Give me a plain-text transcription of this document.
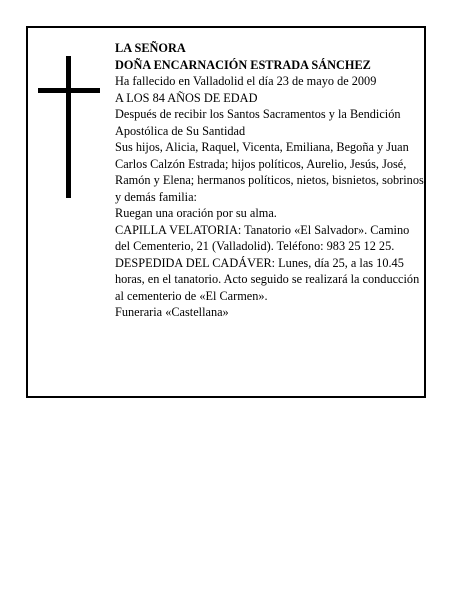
LA SEÑORA

DOÑA ENCARNACIÓN ESTRADA SÁNCHEZ

Ha fallecido en Valladolid el día 23 de mayo de 2009

A LOS 84 AÑOS DE EDAD

Después de recibir los Santos Sacramentos y la Bendición Apostólica de Su Santidad

Sus hijos, Alicia, Raquel, Vicenta, Emiliana, Begoña y Juan Carlos Calzón Estrada; hijos políticos, Aurelio, Jesús, José, Ramón y Elena; hermanos políticos, nietos, bisnietos, sobrinos y demás familia:

Ruegan una oración por su alma.

CAPILLA VELATORIA: Tanatorio «El Salvador». Camino del Cementerio, 21 (Valladolid). Teléfono: 983 25 12 25.

DESPEDIDA DEL CADÁVER: Lunes, día 25, a las 10.45 horas, en el tanatorio. Acto seguido se realizará la conducción al cementerio de «El Carmen».

Funeraria «Castellana»
